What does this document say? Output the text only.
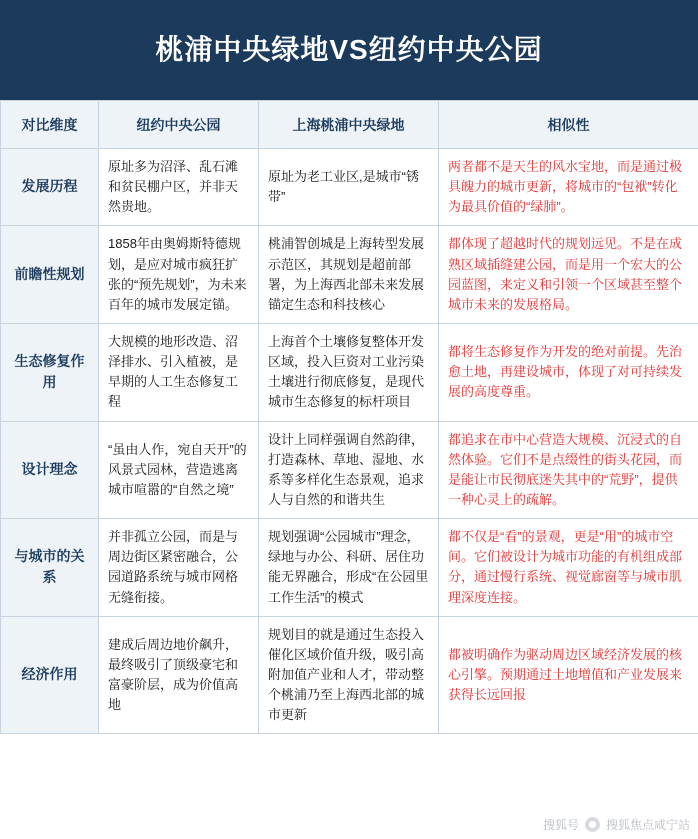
桃浦中央绿地VS纽约中央公园
对比维度	纽约中央公园	上海桃浦中央绿地	相似性
发展历程	原址多为沼泽、乱石滩和贫民棚户区，并非天然贵地。	原址为老工业区,是城市“锈带”	两者都不是天生的风水宝地，而是通过极具魄力的城市更新，将城市的“包袱”转化为最具价值的“绿肺”。
前瞻性规划	1858年由奥姆斯特德规划，是应对城市疯狂扩张的“预先规划”，为未来百年的城市发展定锚。	桃浦智创城是上海转型发展示范区，其规划是超前部署，为上海西北部未来发展锚定生态和科技核心	都体现了超越时代的规划远见。不是在成熟区域插缝建公园，而是用一个宏大的公园蓝图，来定义和引领一个区域甚至整个城市未来的发展格局。
生态修复作用	大规模的地形改造、沼泽排水、引入植被，是早期的人工生态修复工程	上海首个土壤修复整体开发区域，投入巨资对工业污染土壤进行彻底修复，是现代城市生态修复的标杆项目	都将生态修复作为开发的绝对前提。先治愈土地，再建设城市，体现了对可持续发展的高度尊重。
设计理念	“虽由人作，宛自天开”的风景式园林，营造逃离城市喧嚣的“自然之境”	设计上同样强调自然韵律，打造森林、草地、湿地、水系等多样化生态景观，追求人与自然的和谐共生	都追求在市中心营造大规模、沉浸式的自然体验。它们不是点缀性的街头花园，而是能让市民彻底迷失其中的“荒野”，提供一种心灵上的疏解。
与城市的关系	并非孤立公园，而是与周边街区紧密融合，公园道路系统与城市网格无缝衔接。	规划强调“公园城市”理念，绿地与办公、科研、居住功能无界融合，形成“在公园里工作生活”的模式	都不仅是“看”的景观，更是“用”的城市空间。它们被设计为城市功能的有机组成部分，通过慢行系统、视觉廊窗等与城市肌理深度连接。
经济作用	建成后周边地价飙升，最终吸引了顶级豪宅和富豪阶层，成为价值高地	规划目的就是通过生态投入催化区域价值升级，吸引高附加值产业和人才，带动整个桃浦乃至上海西北部的城市更新	都被明确作为驱动周边区域经济发展的核心引擎。预期通过土地增值和产业发展来获得长远回报
搜狐号 搜狐焦点咸宁站
